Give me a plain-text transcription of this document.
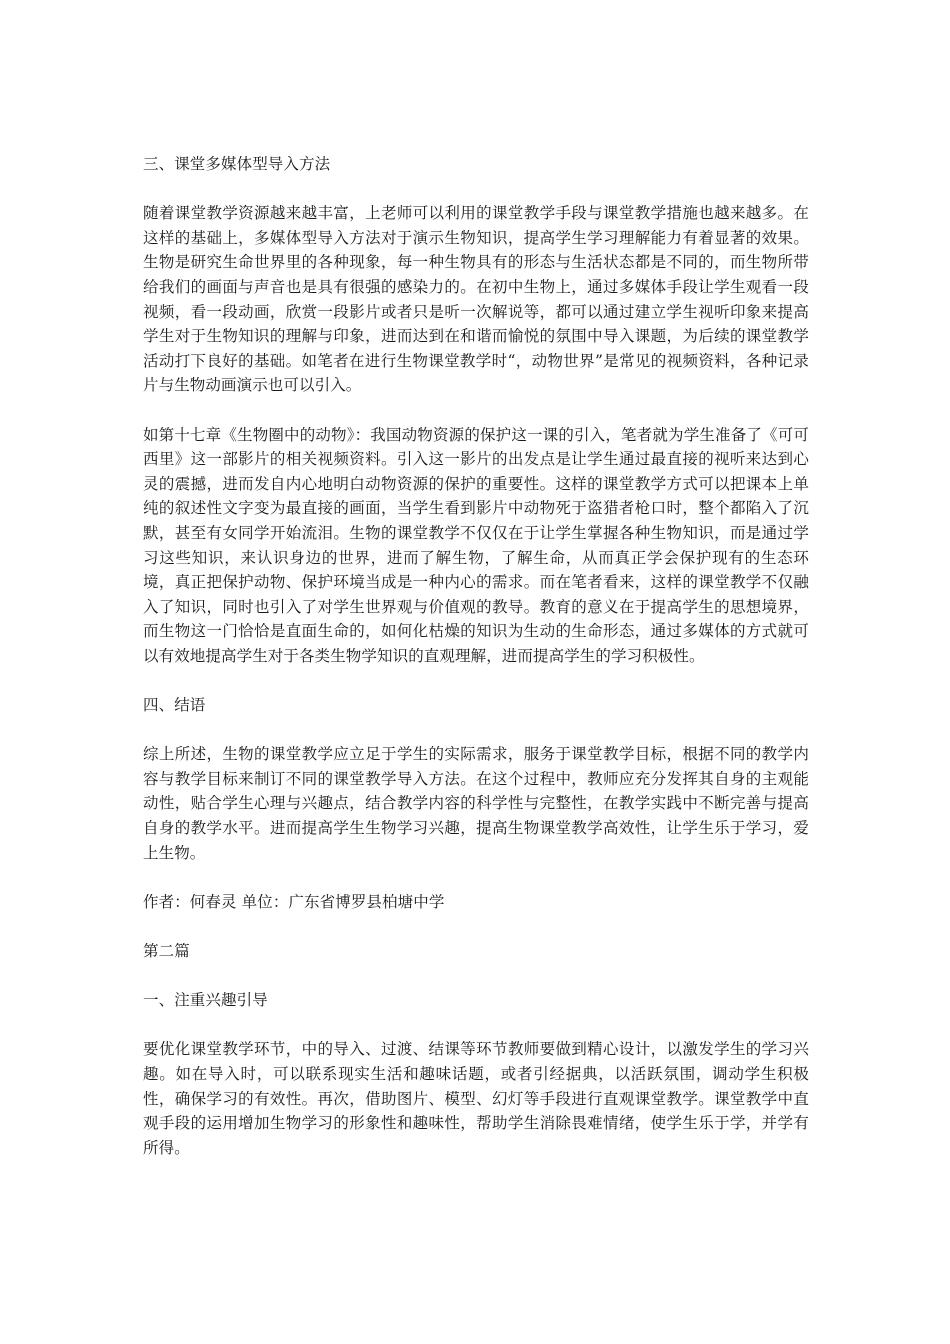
三、课堂多媒体型导入方法
随着课堂教学资源越来越丰富，上老师可以利用的课堂教学手段与课堂教学措施也越来越多。在这样的基础上，多媒体型导入方法对于演示生物知识，提高学生学习理解能力有着显著的效果。生物是研究生命世界里的各种现象，每一种生物具有的形态与生活状态都是不同的，而生物所带给我们的画面与声音也是具有很强的感染力的。在初中生物上，通过多媒体手段让学生观看一段视频，看一段动画，欣赏一段影片或者只是听一次解说等，都可以通过建立学生视听印象来提高学生对于生物知识的理解与印象，进而达到在和谐而愉悦的氛围中导入课题，为后续的课堂教学活动打下良好的基础。如笔者在进行生物课堂教学时“，动物世界”是常见的视频资料，各种记录片与生物动画演示也可以引入。
如第十七章《生物圈中的动物》：我国动物资源的保护这一课的引入，笔者就为学生准备了《可可西里》这一部影片的相关视频资料。引入这一影片的出发点是让学生通过最直接的视听来达到心灵的震撼，进而发自内心地明白动物资源的保护的重要性。这样的课堂教学方式可以把课本上单纯的叙述性文字变为最直接的画面，当学生看到影片中动物死于盗猎者枪口时，整个都陷入了沉默，甚至有女同学开始流泪。生物的课堂教学不仅仅在于让学生掌握各种生物知识，而是通过学习这些知识，来认识身边的世界，进而了解生物，了解生命，从而真正学会保护现有的生态环境，真正把保护动物、保护环境当成是一种内心的需求。而在笔者看来，这样的课堂教学不仅融入了知识，同时也引入了对学生世界观与价值观的教导。教育的意义在于提高学生的思想境界，而生物这一门恰恰是直面生命的，如何化枯燥的知识为生动的生命形态，通过多媒体的方式就可以有效地提高学生对于各类生物学知识的直观理解，进而提高学生的学习积极性。
四、结语
综上所述，生物的课堂教学应立足于学生的实际需求，服务于课堂教学目标，根据不同的教学内容与教学目标来制订不同的课堂教学导入方法。在这个过程中，教师应充分发挥其自身的主观能动性，贴合学生心理与兴趣点，结合教学内容的科学性与完整性，在教学实践中不断完善与提高自身的教学水平。进而提高学生生物学习兴趣，提高生物课堂教学高效性，让学生乐于学习，爱上生物。
作者：何春灵 单位：广东省博罗县柏塘中学
第二篇
一、注重兴趣引导
要优化课堂教学环节，中的导入、过渡、结课等环节教师要做到精心设计，以激发学生的学习兴趣。如在导入时，可以联系现实生活和趣味话题，或者引经据典，以活跃氛围，调动学生积极性，确保学习的有效性。再次，借助图片、模型、幻灯等手段进行直观课堂教学。课堂教学中直观手段的运用增加生物学习的形象性和趣味性，帮助学生消除畏难情绪，使学生乐于学，并学有所得。
